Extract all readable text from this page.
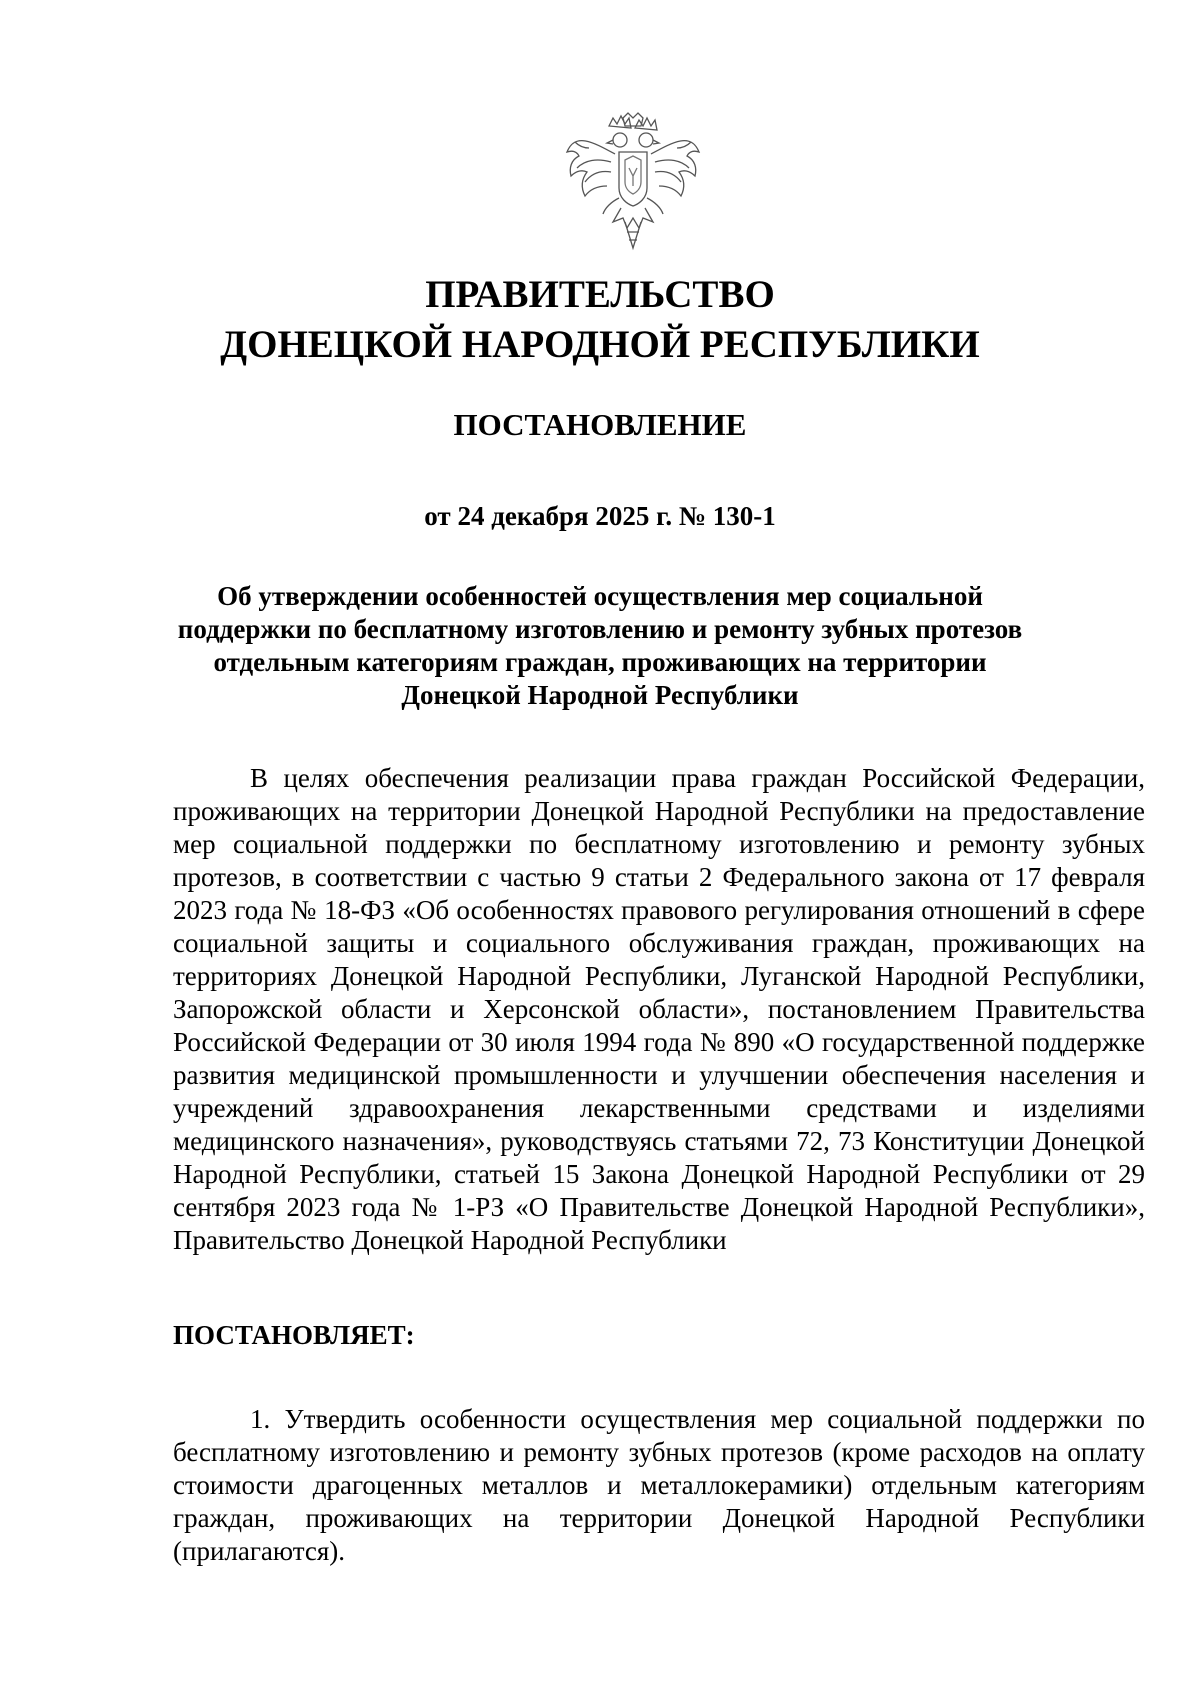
ПРАВИТЕЛЬСТВО
ДОНЕЦКОЙ НАРОДНОЙ РЕСПУБЛИКИ
ПОСТАНОВЛЕНИЕ
от 24 декабря 2025 г. № 130-1
Об утверждении особенностей осуществления мер социальной
поддержки по бесплатному изготовлению и ремонту зубных протезов
отдельным категориям граждан, проживающих на территории
Донецкой Народной Республики

В целях обеспечения реализации права граждан Российской Федерации, проживающих на территории Донецкой Народной Республики на предоставление мер социальной поддержки по бесплатному изготовлению и ремонту зубных протезов, в соответствии с частью 9 статьи 2 Федерального закона от 17 февраля 2023 года № 18-ФЗ «Об особенностях правового регулирования отношений в сфере социальной защиты и социального обслуживания граждан, проживающих на территориях Донецкой Народной Республики, Луганской Народной Республики, Запорожской области и Херсонской области», постановлением Правительства Российской Федерации от 30 июля 1994 года № 890 «О государственной поддержке развития медицинской промышленности и улучшении обеспечения населения и учреждений здравоохранения лекарственными средствами и изделиями медицинского назначения», руководствуясь статьями 72, 73 Конституции Донецкой Народной Республики, статьей 15 Закона Донецкой Народной Республики от 29 сентября 2023 года № 1-РЗ «О Правительстве Донецкой Народной Республики», Правительство Донецкой Народной Республики

ПОСТАНОВЛЯЕТ:

1. Утвердить особенности осуществления мер социальной поддержки по бесплатному изготовлению и ремонту зубных протезов (кроме расходов на оплату стоимости драгоценных металлов и металлокерамики) отдельным категориям граждан, проживающих на территории Донецкой Народной Республики (прилагаются).
